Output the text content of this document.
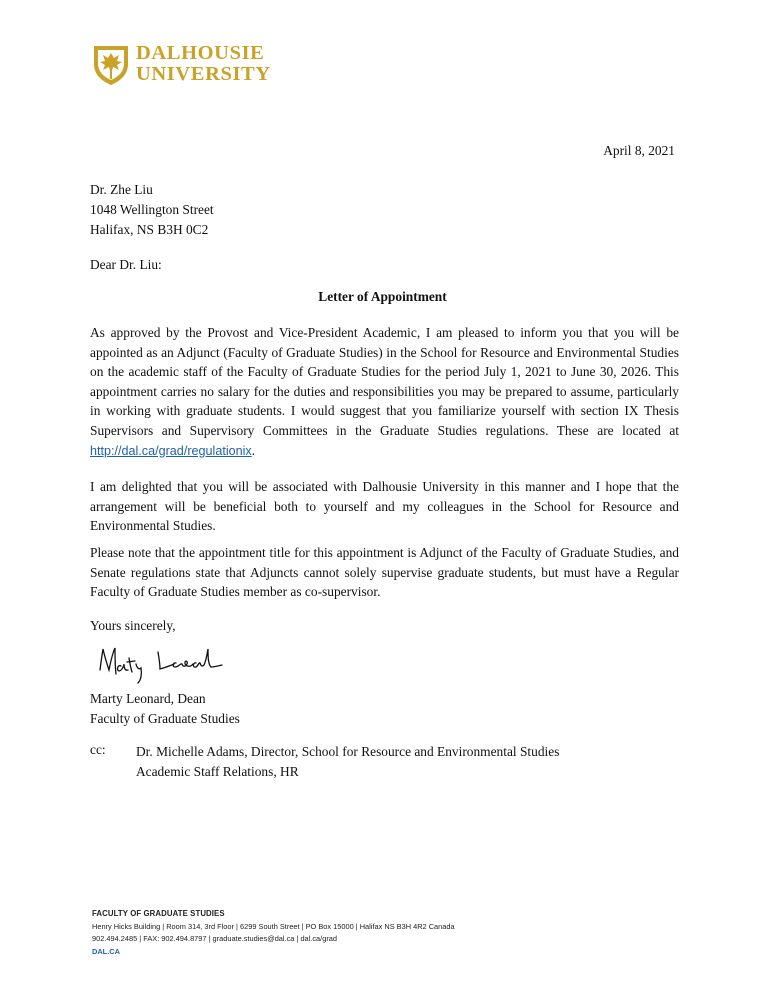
DALHOUSIE
UNIVERSITY
April 8, 2021
Dr. Zhe Liu
1048 Wellington Street
Halifax, NS B3H 0C2
Dear Dr. Liu:
Letter of Appointment
As approved by the Provost and Vice-President Academic, I am pleased to inform you that you will be appointed as an Adjunct (Faculty of Graduate Studies) in the School for Resource and Environmental Studies on the academic staff of the Faculty of Graduate Studies for the period July 1, 2021 to June 30, 2026. This appointment carries no salary for the duties and responsibilities you may be prepared to assume, particularly in working with graduate students. I would suggest that you familiarize yourself with section IX Thesis Supervisors and Supervisory Committees in the Graduate Studies regulations. These are located at http://dal.ca/grad/regulationix.
I am delighted that you will be associated with Dalhousie University in this manner and I hope that the arrangement will be beneficial both to yourself and my colleagues in the School for Resource and Environmental Studies.
Please note that the appointment title for this appointment is Adjunct of the Faculty of Graduate Studies, and Senate regulations state that Adjuncts cannot solely supervise graduate students, but must have a Regular Faculty of Graduate Studies member as co-supervisor.
Yours sincerely,
Marty Leonard, Dean
Faculty of Graduate Studies
cc: Dr. Michelle Adams, Director, School for Resource and Environmental Studies
Academic Staff Relations, HR
FACULTY OF GRADUATE STUDIES
Henry Hicks Building | Room 314, 3rd Floor | 6299 South Street | PO Box 15000 | Halifax NS B3H 4R2 Canada
902.494.2485 | FAX: 902.494.8797 | graduate.studies@dal.ca | dal.ca/grad
DAL.CA
